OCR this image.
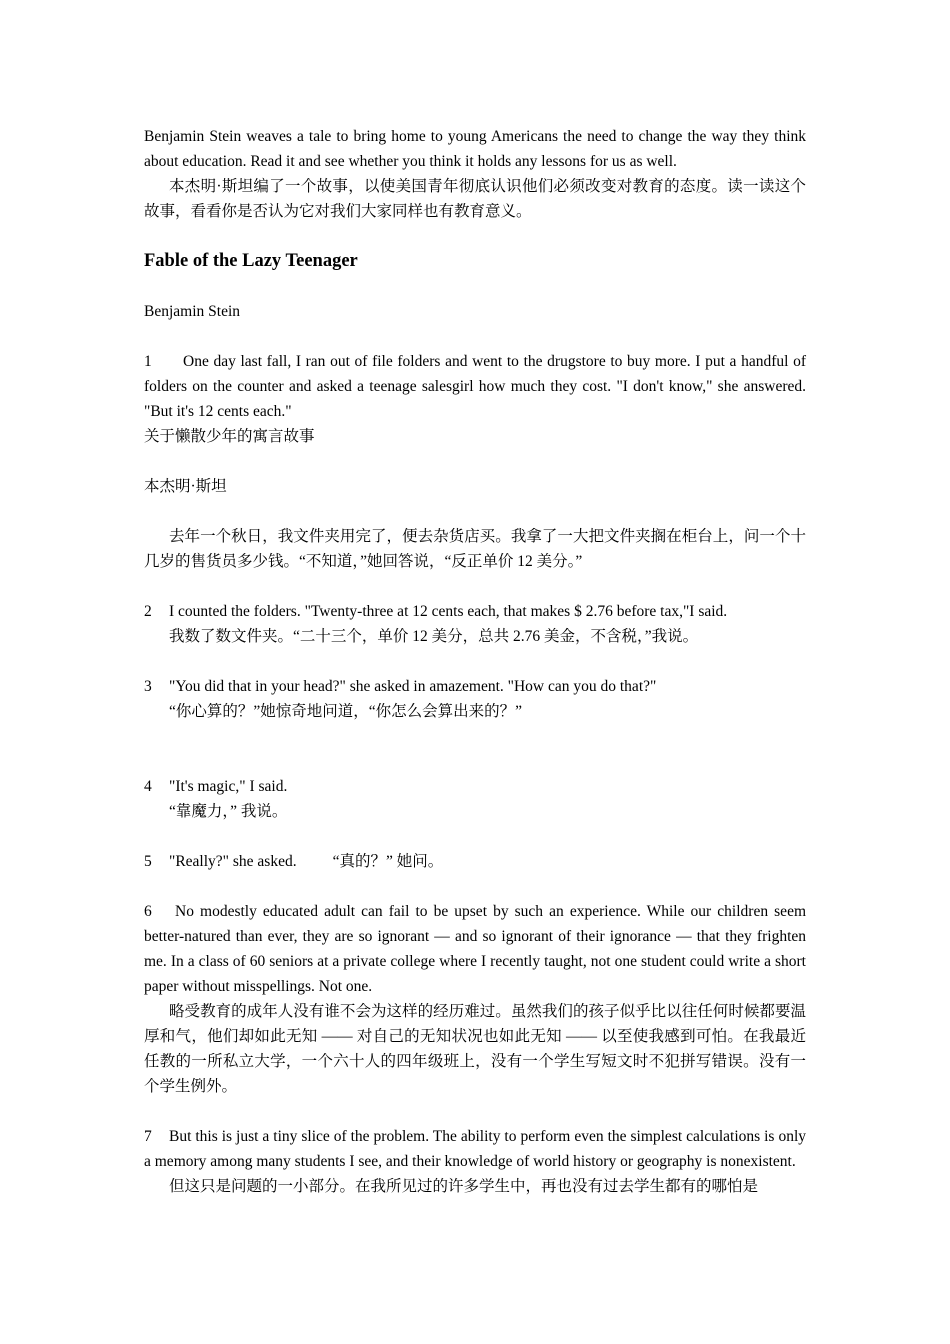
Benjamin Stein weaves a tale to bring home to young Americans the need to change the way they think about education. Read it and see whether you think it holds any lessons for us as well.

本杰明·斯坦编了一个故事，以使美国青年彻底认识他们必须改变对教育的态度。读一读这个故事，看看你是否认为它对我们大家同样也有教育意义。

Fable of the Lazy Teenager

Benjamin Stein

1 One day last fall, I ran out of file folders and went to the drugstore to buy more. I put a handful of folders on the counter and asked a teenage salesgirl how much they cost. "I don't know," she answered. "But it's 12 cents each."

关于懒散少年的寓言故事

本杰明·斯坦

去年一个秋日，我文件夹用完了，便去杂货店买。我拿了一大把文件夹搁在柜台上，问一个十几岁的售货员多少钱。“不知道，”她回答说，“反正单价 12 美分。”

2	I counted the folders. "Twenty-three at 12 cents each, that makes $ 2.76 before tax,"I said.

我数了数文件夹。“二十三个，单价 12 美分，总共 2.76 美金，不含税，”我说。

3	"You did that in your head?" she asked in amazement. "How can you do that?"

“你心算的？”她惊奇地问道，“你怎么会算出来的？”

4	"It's magic," I said.

“靠魔力，” 我说。

5	"Really?" she asked. “真的？” 她问。

6 No modestly educated adult can fail to be upset by such an experience. While our children seem better-natured than ever, they are so ignorant — and so ignorant of their ignorance — that they frighten me. In a class of 60 seniors at a private college where I recently taught, not one student could write a short paper without misspellings. Not one.

略受教育的成年人没有谁不会为这样的经历难过。虽然我们的孩子似乎比以往任何时候都要温厚和气，他们却如此无知 —— 对自己的无知状况也如此无知 —— 以至使我感到可怕。在我最近任教的一所私立大学，一个六十人的四年级班上，没有一个学生写短文时不犯拼写错误。没有一个学生例外。

7 But this is just a tiny slice of the problem. The ability to perform even the simplest calculations is only a memory among many students I see, and their knowledge of world history or geography is nonexistent.

但这只是问题的一小部分。在我所见过的许多学生中，再也没有过去学生都有的哪怕是
